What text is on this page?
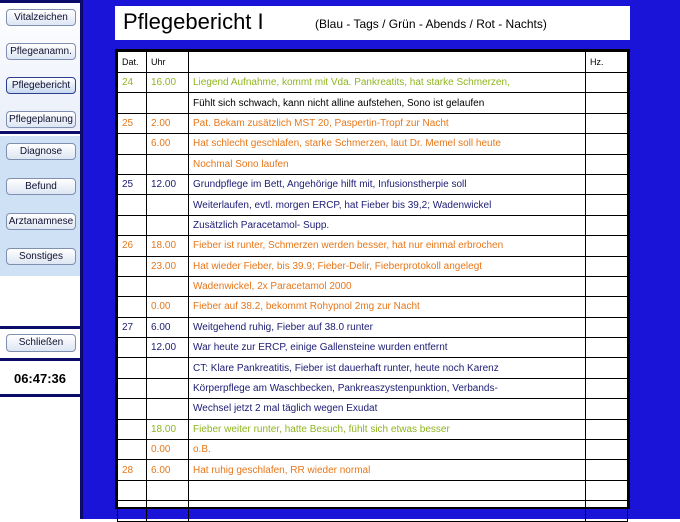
Vitalzeichen
Pflegeanamn.
Pflegebericht
Pflegeplanung
Diagnose
Befund
Arztanamnese
Sonstiges
Schließen
06:47:36
Pflegebericht I	(Blau - Tags / Grün - Abends / Rot - Nachts)
Dat.	Uhr		Hz.
24	16.00	Liegend Aufnahme, kommt mit Vda. Pankreatits, hat starke Schmerzen,	
		Fühlt sich schwach, kann nicht alline aufstehen, Sono ist gelaufen	
25	2.00	Pat. Bekam zusätzlich MST 20, Paspertin-Tropf zur Nacht	
	6.00	Hat schlecht geschlafen, starke Schmerzen, laut Dr. Memel soll heute	
		Nochmal Sono laufen	
25	12.00	Grundpflege im Bett, Angehörige hilft mit, Infusionstherpie soll	
		Weiterlaufen, evtl. morgen ERCP, hat Fieber bis 39,2; Wadenwickel	
		Zusätzlich Paracetamol- Supp.	
26	18.00	Fieber ist runter, Schmerzen werden besser, hat nur einmal erbrochen	
	23.00	Hat wieder Fieber, bis 39.9; Fieber-Delir, Fieberprotokoll angelegt	
		Wadenwickel, 2x Paracetamol 2000	
	0.00	Fieber auf 38.2, bekommt Rohypnol 2mg zur Nacht	
27	6.00	Weitgehend ruhig, Fieber auf 38.0 runter	
	12.00	War heute zur ERCP, einige Gallensteine wurden entfernt	
		CT: Klare Pankreatitis, Fieber ist dauerhaft runter, heute noch Karenz	
		Körperpflege am Waschbecken, Pankreaszystenpunktion, Verbands-	
		Wechsel jetzt 2 mal täglich wegen Exudat	
	18.00	Fieber weiter runter, hatte Besuch, fühlt sich etwas besser	
	0.00	o.B.	
28	6.00	Hat ruhig geschlafen, RR wieder normal	
